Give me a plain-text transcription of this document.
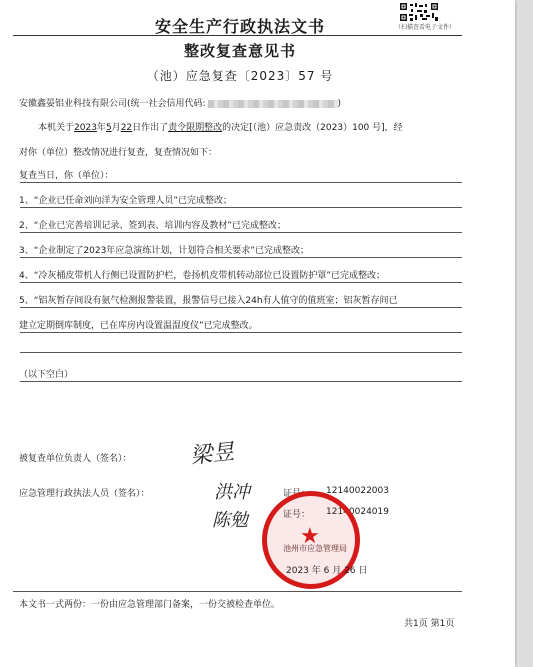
安全生产行政执法文书	（扫描查看电子文件）
整改复查意见书
（池）应急复查〔2023〕57 号
安徽鑫晏铝业科技有限公司(统一社会信用代码:	)
本机关于2023年5月22日作出了责令限期整改的决定[（池）应急责改（2023）100 号]，经
对你（单位）整改情况进行复查，复查情况如下：
复查当日，你（单位）：
1、“企业已任命刘向洋为安全管理人员”已完成整改；
2、“企业已完善培训记录、签到表、培训内容及教材”已完成整改；
3、“企业制定了2023年应急演练计划，计划符合相关要求”已完成整改；
4、“冷灰桶皮带机人行侧已设置防护栏，卷扬机皮带机转动部位已设置防护罩”已完成整改；
5、“铝灰暂存间设有氨气检测报警装置，报警信号已接入24h有人值守的值班室；铝灰暂存间已
建立定期倒库制度，已在库房内设置温湿度仪”已完成整改。
（以下空白）
被复查单位负责人（签名）：	梁昱
应急管理行政执法人员（签名）：	洪冲
陈勉
证号： 12140022003
证号： 12140024019
★
池州市应急管理局
2023 年 6 月 26 日
本文书一式两份：一份由应急管理部门备案，一份交被检查单位。
共1页 第1页
